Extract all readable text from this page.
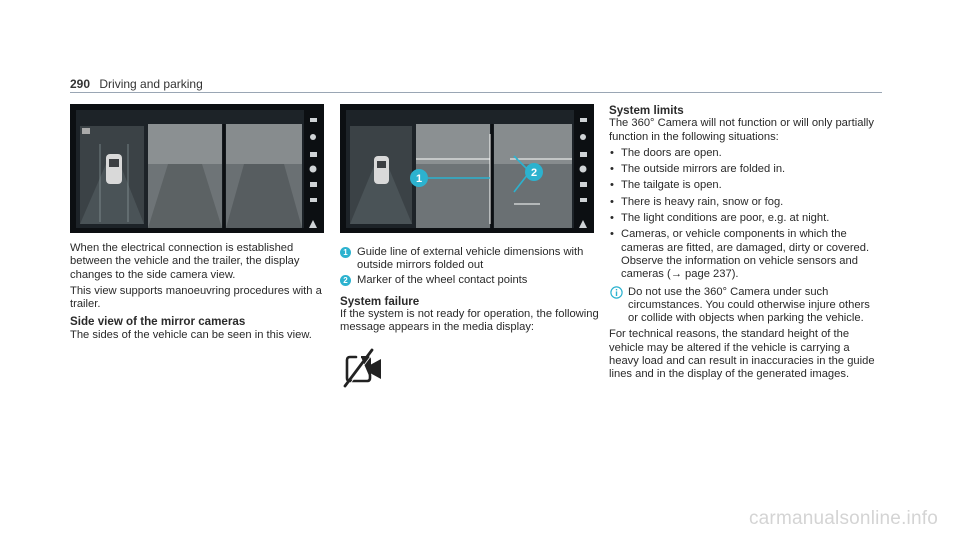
290 Driving and parking
1	2

When the electrical connection is established between the vehicle and the trailer, the display changes to the side camera view.

This view supports manoeuvring procedures with a trailer.

Side view of the mirror cameras

The sides of the vehicle can be seen in this view.

1 Guide line of external vehicle dimensions with outside mirrors folded out
2 Marker of the wheel contact points
System failure

If the system is not ready for operation, the following message appears in the media display:

System limits

The 360° Camera will not function or will only partially function in the following situations:

• The doors are open.
• The outside mirrors are folded in.
• The tailgate is open.
• There is heavy rain, snow or fog.
• The light conditions are poor, e.g. at night.
• Cameras, or vehicle components in which the cameras are fitted, are damaged, dirty or covered. Observe the information on vehicle sensors and cameras (→ page 237).
Do not use the 360° Camera under such circumstances. You could otherwise injure others or collide with objects when parking the vehicle.

For technical reasons, the standard height of the vehicle may be altered if the vehicle is carrying a heavy load and can result in inaccuracies in the guide lines and in the display of the generated images.

carmanualsonline.info
